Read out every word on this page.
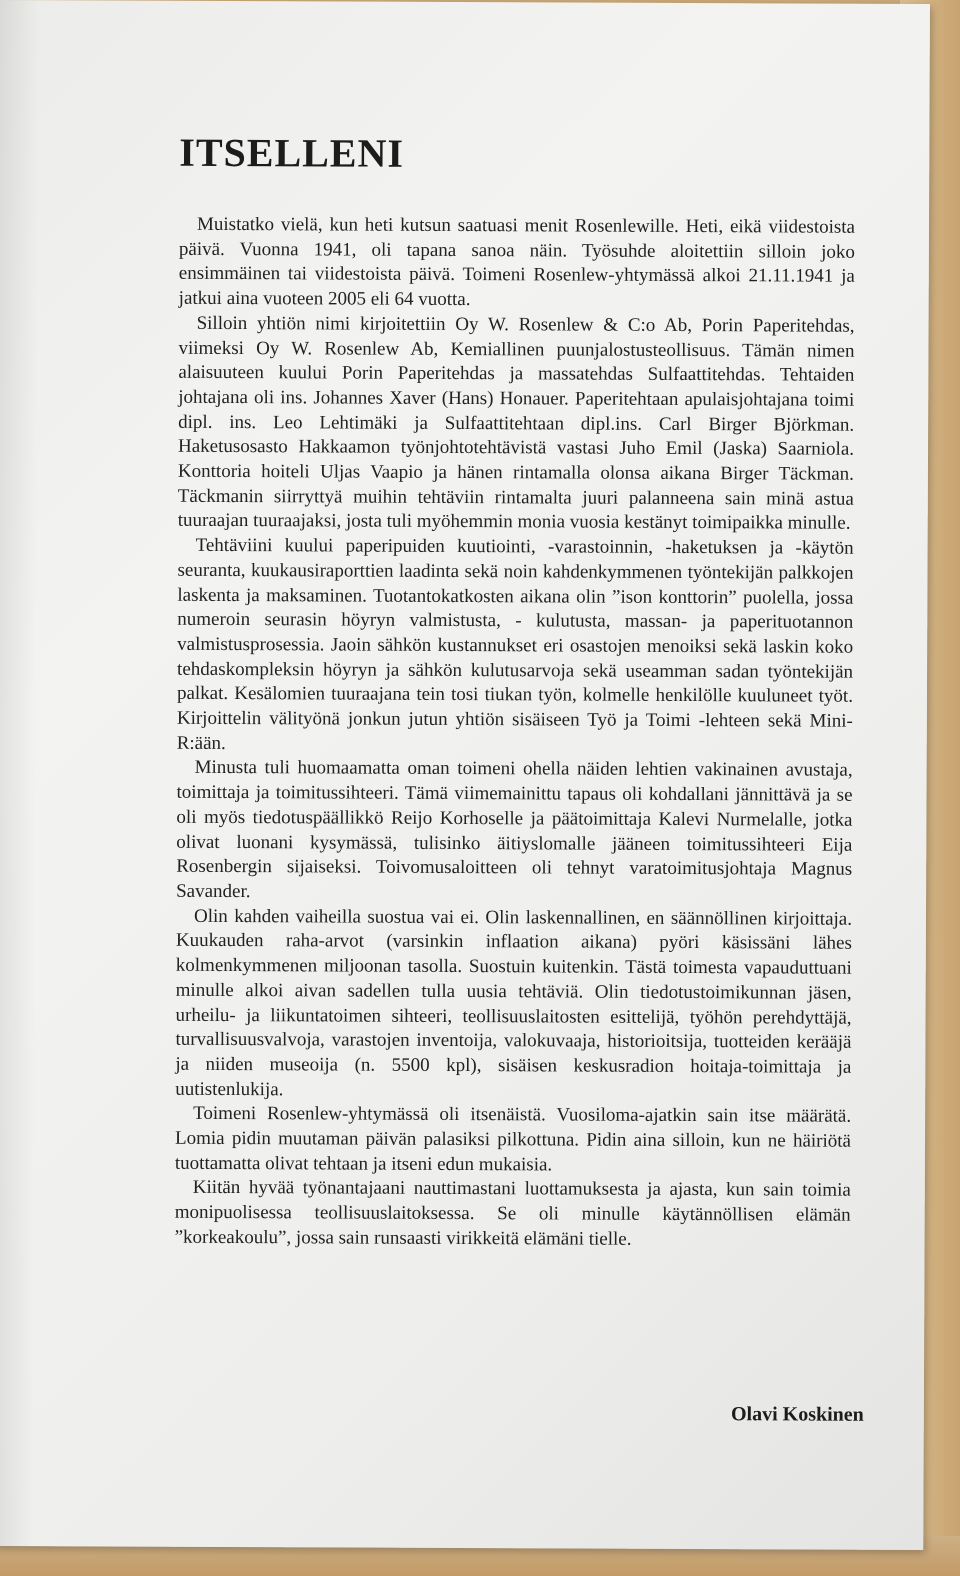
ITSELLENI

Muistatko vielä, kun heti kutsun saatuasi menit Rosenlewille. Heti, eikä viidestoista päivä. Vuonna 1941, oli tapana sanoa näin. Työsuhde aloitettiin silloin joko ensimmäinen tai viidestoista päivä. Toimeni Rosenlew-yhtymässä alkoi 21.11.1941 ja jatkui aina vuoteen 2005 eli 64 vuotta.

Silloin yhtiön nimi kirjoitettiin Oy W. Rosenlew & C:o Ab, Porin Paperitehdas, viimeksi Oy W. Rosenlew Ab, Kemiallinen puunjalostusteollisuus. Tämän nimen alaisuuteen kuului Porin Paperitehdas ja massatehdas Sulfaattitehdas. Tehtaiden johtajana oli ins. Johannes Xaver (Hans) Honauer. Paperitehtaan apulaisjohtajana toimi dipl. ins. Leo Lehtimäki ja Sulfaattitehtaan dipl.ins. Carl Birger Björkman. Haketusosasto Hakkaamon työnjohtotehtävistä vastasi Juho Emil (Jaska) Saarniola. Konttoria hoiteli Uljas Vaapio ja hänen rintamalla olonsa aikana Birger Täckman. Täckmanin siirryttyä muihin tehtäviin rintamalta juuri palanneena sain minä astua tuuraajan tuuraajaksi, josta tuli myöhemmin monia vuosia kestänyt toimipaikka minulle.

Tehtäviini kuului paperipuiden kuutiointi, -varastoinnin, -haketuksen ja -käytön seuranta, kuukausiraporttien laadinta sekä noin kahdenkymmenen työntekijän palkkojen laskenta ja maksaminen. Tuotantokatkosten aikana olin ”ison konttorin” puolella, jossa numeroin seurasin höyryn valmistusta, - kulutusta, massan- ja paperituotannon valmistusprosessia. Jaoin sähkön kustannukset eri osastojen menoiksi sekä laskin koko tehdaskompleksin höyryn ja sähkön kulutusarvoja sekä useamman sadan työntekijän palkat. Kesälomien tuuraajana tein tosi tiukan työn, kolmelle henkilölle kuuluneet työt. Kirjoittelin välityönä jonkun jutun yhtiön sisäiseen Työ ja Toimi -lehteen sekä Mini-R:ään.

Minusta tuli huomaamatta oman toimeni ohella näiden lehtien vakinainen avustaja, toimittaja ja toimitussihteeri. Tämä viimemainittu tapaus oli kohdallani jännittävä ja se oli myös tiedotuspäällikkö Reijo Korhoselle ja päätoimittaja Kalevi Nurmelalle, jotka olivat luonani kysymässä, tulisinko äitiyslomalle jääneen toimitussihteeri Eija Rosenbergin sijaiseksi. Toivomusaloitteen oli tehnyt varatoimitusjohtaja Magnus Savander.

Olin kahden vaiheilla suostua vai ei. Olin laskennallinen, en säännöllinen kirjoittaja. Kuukauden raha-arvot (varsinkin inflaation aikana) pyöri käsissäni lähes kolmenkymmenen miljoonan tasolla. Suostuin kuitenkin. Tästä toimesta vapauduttuani minulle alkoi aivan sadellen tulla uusia tehtäviä. Olin tiedotustoimikunnan jäsen, urheilu- ja liikuntatoimen sihteeri, teollisuuslaitosten esittelijä, työhön perehdyttäjä, turvallisuusvalvoja, varastojen inventoija, valokuvaaja, historioitsija, tuotteiden kerääjä ja niiden museoija (n. 5500 kpl), sisäisen keskusradion hoitaja-toimittaja ja uutistenlukija.

Toimeni Rosenlew-yhtymässä oli itsenäistä. Vuosiloma-ajatkin sain itse määrätä. Lomia pidin muutaman päivän palasiksi pilkottuna. Pidin aina silloin, kun ne häiriötä tuottamatta olivat tehtaan ja itseni edun mukaisia.

Kiitän hyvää työnantajaani nauttimastani luottamuksesta ja ajasta, kun sain toimia monipuolisessa teollisuuslaitoksessa. Se oli minulle käytännöllisen elämän ”korkeakoulu”, jossa sain runsaasti virikkeitä elämäni tielle.

Olavi Koskinen
